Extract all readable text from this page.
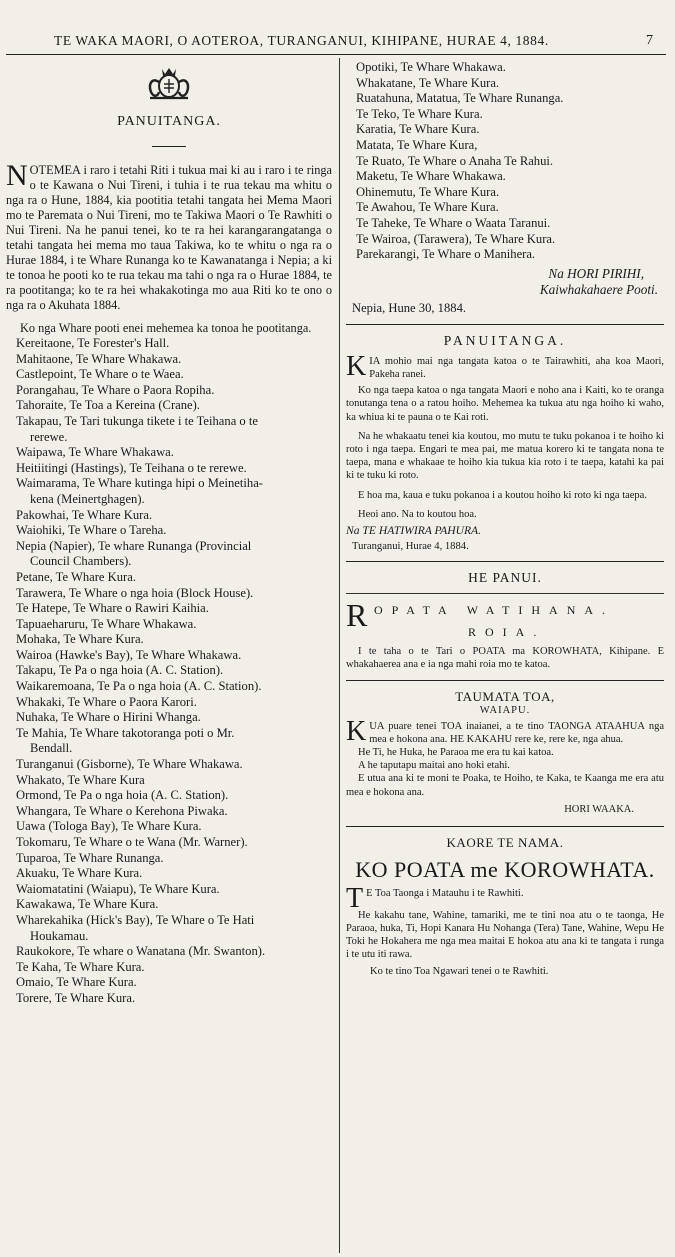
TE WAKA MAORI, O AOTEROA, TURANGANUI, KIHIPANE, HURAE 4, 1884.	7
PANUITANGA.
NOTEMEA i raro i tetahi Riti i tukua mai ki au i raro i te ringa o te Kawana o Nui Tireni, i tuhia i te rua tekau ma whitu o nga ra o Hune, 1884, kia pootitia tetahi tangata hei Mema Maori mo te Paremata o Nui Tireni, mo te Takiwa Maori o Te Rawhiti o Nui Tireni. Na he panui tenei, ko te ra hei karangarangatanga o tetahi tangata hei mema mo taua Takiwa, ko te whitu o nga ra o Hurae 1884, i te Whare Runanga ko te Kawanatanga i Nepia; a ki te tonoa he pooti ko te rua tekau ma tahi o nga ra o Hurae 1884, te ra pootitanga; ko te ra hei whakakotinga mo aua Riti ko te ono o nga ra o Akuhata 1884.

Ko nga Whare pooti enei mehemea ka tonoa he pootitanga.

Kereitaone, Te Forester's Hall.
Mahitaone, Te Whare Whakawa.
Castlepoint, Te Whare o te Waea.
Porangahau, Te Whare o Paora Ropiha.
Tahoraite, Te Toa a Kereina (Crane).
Takapau, Te Tari tukunga tikete i te Teihana o te
rerewe.
Waipawa, Te Whare Whakawa.
Heitiitingi (Hastings), Te Teihana o te rerewe.
Waimarama, Te Whare kutinga hipi o Meinetiha-
kena (Meinertghagen).
Pakowhai, Te Whare Kura.
Waiohiki, Te Whare o Tareha.
Nepia (Napier), Te whare Runanga (Provincial
Council Chambers).
Petane, Te Whare Kura.
Tarawera, Te Whare o nga hoia (Block House).
Te Hatepe, Te Whare o Rawiri Kaihia.
Tapuaeharuru, Te Whare Whakawa.
Mohaka, Te Whare Kura.
Wairoa (Hawke's Bay), Te Whare Whakawa.
Takapu, Te Pa o nga hoia (A. C. Station).
Waikaremoana, Te Pa o nga hoia (A. C. Station).
Whakaki, Te Whare o Paora Karori.
Nuhaka, Te Whare o Hirini Whanga.
Te Mahia, Te Whare takotoranga poti o Mr.
Bendall.
Turanganui (Gisborne), Te Whare Whakawa.
Whakato, Te Whare Kura
Ormond, Te Pa o nga hoia (A. C. Station).
Whangara, Te Whare o Kerehona Piwaka.
Uawa (Tologa Bay), Te Whare Kura.
Tokomaru, Te Whare o te Wana (Mr. Warner).
Tuparoa, Te Whare Runanga.
Akuaku, Te Whare Kura.
Waiomatatini (Waiapu), Te Whare Kura.
Kawakawa, Te Whare Kura.
Wharekahika (Hick's Bay), Te Whare o Te Hati
Houkamau.
Raukokore, Te whare o Wanatana (Mr. Swanton).
Te Kaha, Te Whare Kura.
Omaio, Te Whare Kura.
Torere, Te Whare Kura.
Opotiki, Te Whare Whakawa.
Whakatane, Te Whare Kura.
Ruatahuna, Matatua, Te Whare Runanga.
Te Teko, Te Whare Kura.
Karatia, Te Whare Kura.
Matata, Te Whare Kura,
Te Ruato, Te Whare o Anaha Te Rahui.
Maketu, Te Whare Whakawa.
Ohinemutu, Te Whare Kura.
Te Awahou, Te Whare Kura.
Te Taheke, Te Whare o Waata Taranui.
Te Wairoa, (Tarawera), Te Whare Kura.
Parekarangi, Te Whare o Manihera.
Na HORI PIRIHI,
Kaiwhakahaere Pooti.
Nepia, Hune 30, 1884.
PANUITANGA.
KIA mohio mai nga tangata katoa o te Tairawhiti, aha koa Maori, Pakeha ranei.

Ko nga taepa katoa o nga tangata Maori e noho ana i Kaiti, ko te oranga tonutanga tena o a ratou hoiho. Mehemea ka tukua atu nga hoiho ki waho, ka whiua ki te pauna o te Kai roti.

Na he whakaatu tenei kia koutou, mo mutu te tuku pokanoa i te hoiho ki roto i nga taepa. Engari te mea pai, me matua korero ki te tangata nona te taepa, mana e whakaae te hoiho kia tukua kia roto i te taepa, katahi ka pai ki te tuku ki roto.

E hoa ma, kaua e tuku pokanoa i a koutou hoiho ki roto ki nga taepa.

Heoi ano. Na to koutou hoa.

Na TE HATIWIRA PAHURA.
Turanganui, Hurae 4, 1884.
HE PANUI.
R OPATA WATIHANA.
ROIA.

I te taha o te Tari o POATA ma KOROWHATA, Kihipane. E whakahaerea ana e ia nga mahi roia mo te katoa.

TAUMATA TOA,
WAIAPU.
KUA puare tenei TOA inaianei, a te tino TAONGA ATAAHUA nga mea e hokona ana. HE KAKAHU rere ke, rere ke, nga ahua.

He Ti, he Huka, he Paraoa me era tu kai katoa.

A he taputapu maitai ano hoki etahi.

E utua ana ki te moni te Poaka, te Hoiho, te Kaka, te Kaanga me era atu mea e hokona ana.

HORI WAAKA.
KAORE TE NAMA.
KO POATA me KOROWHATA.
T E Toa Taonga i Matauhu i te Rawhiti.

He kakahu tane, Wahine, tamariki, me te tini noa atu o te taonga, He Paraoa, huka, Ti, Hopi Kanara Hu Nohanga (Tera) Tane, Wahine, Wepu He Toki he Hokahera me nga mea maitai E hokoa atu ana ki te tangata i runga i te utu iti rawa.

Ko te tino Toa Ngawari tenei o te Rawhiti.
